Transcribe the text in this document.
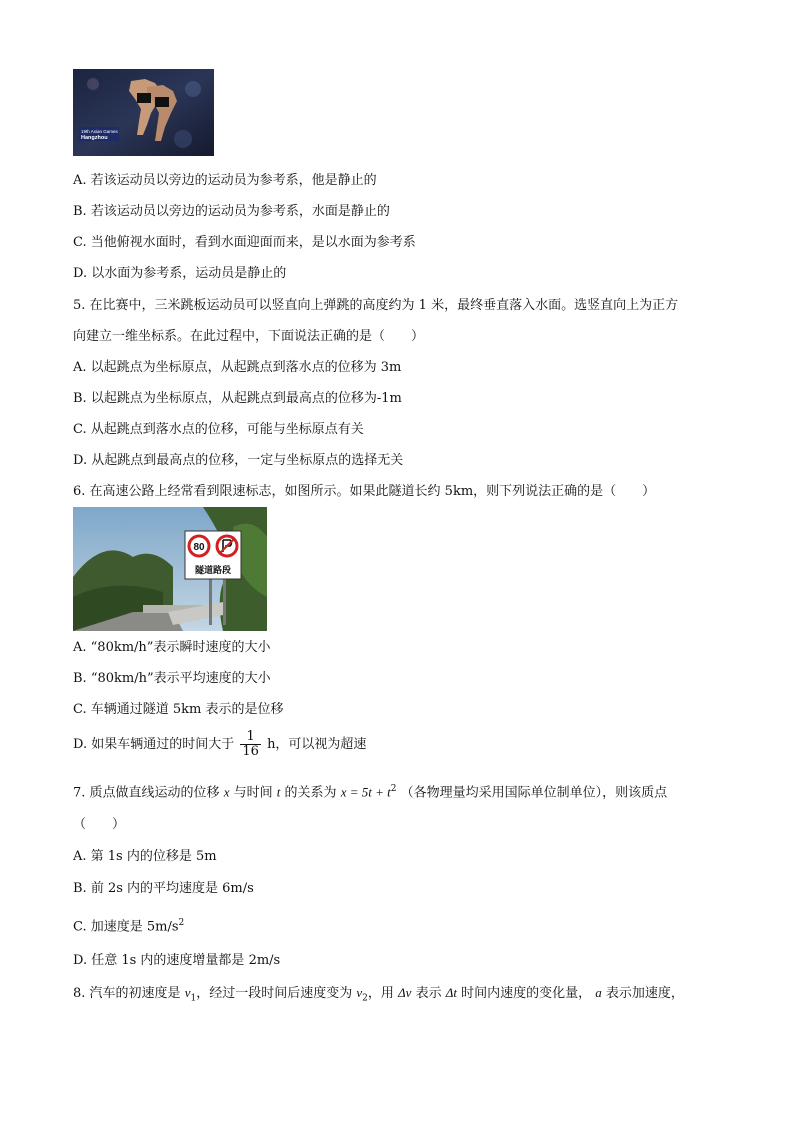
19th Asian Games
Hangzhou
A. 若该运动员以旁边的运动员为参考系，他是静止的
B. 若该运动员以旁边的运动员为参考系，水面是静止的
C. 当他俯视水面时，看到水面迎面而来，是以水面为参考系
D. 以水面为参考系，运动员是静止的
5. 在比赛中，三米跳板运动员可以竖直向上弹跳的高度约为 1 米，最终垂直落入水面。选竖直向上为正方
向建立一维坐标系。在此过程中，下面说法正确的是（　　）
A. 以起跳点为坐标原点，从起跳点到落水点的位移为 3m
B. 以起跳点为坐标原点，从起跳点到最高点的位移为-1m
C. 从起跳点到落水点的位移，可能与坐标原点有关
D. 从起跳点到最高点的位移，一定与坐标原点的选择无关
6. 在高速公路上经常看到限速标志，如图所示。如果此隧道长约 5km，则下列说法正确的是（　　）
80
隧道路段
A. “80km/h”表示瞬时速度的大小
B. “80km/h”表示平均速度的大小
C. 车辆通过隧道 5km 表示的是位移
D. 如果车辆通过的时间大于 $\frac{1}{16}$ h，可以视为超速
7. 质点做直线运动的位移 x 与时间 t 的关系为 $x = 5t + t^2$ （各物理量均采用国际单位制单位），则该质点
（　　）
A. 第 1s 内的位移是 5m
B. 前 2s 内的平均速度是 6m/s
C. 加速度是 $5m/s^2$
D. 任意 1s 内的速度增量都是 2m/s
8. 汽车的初速度是 $v_1$，经过一段时间后速度变为 $v_2$，用 Δv 表示 Δt 时间内速度的变化量， a 表示加速度，
